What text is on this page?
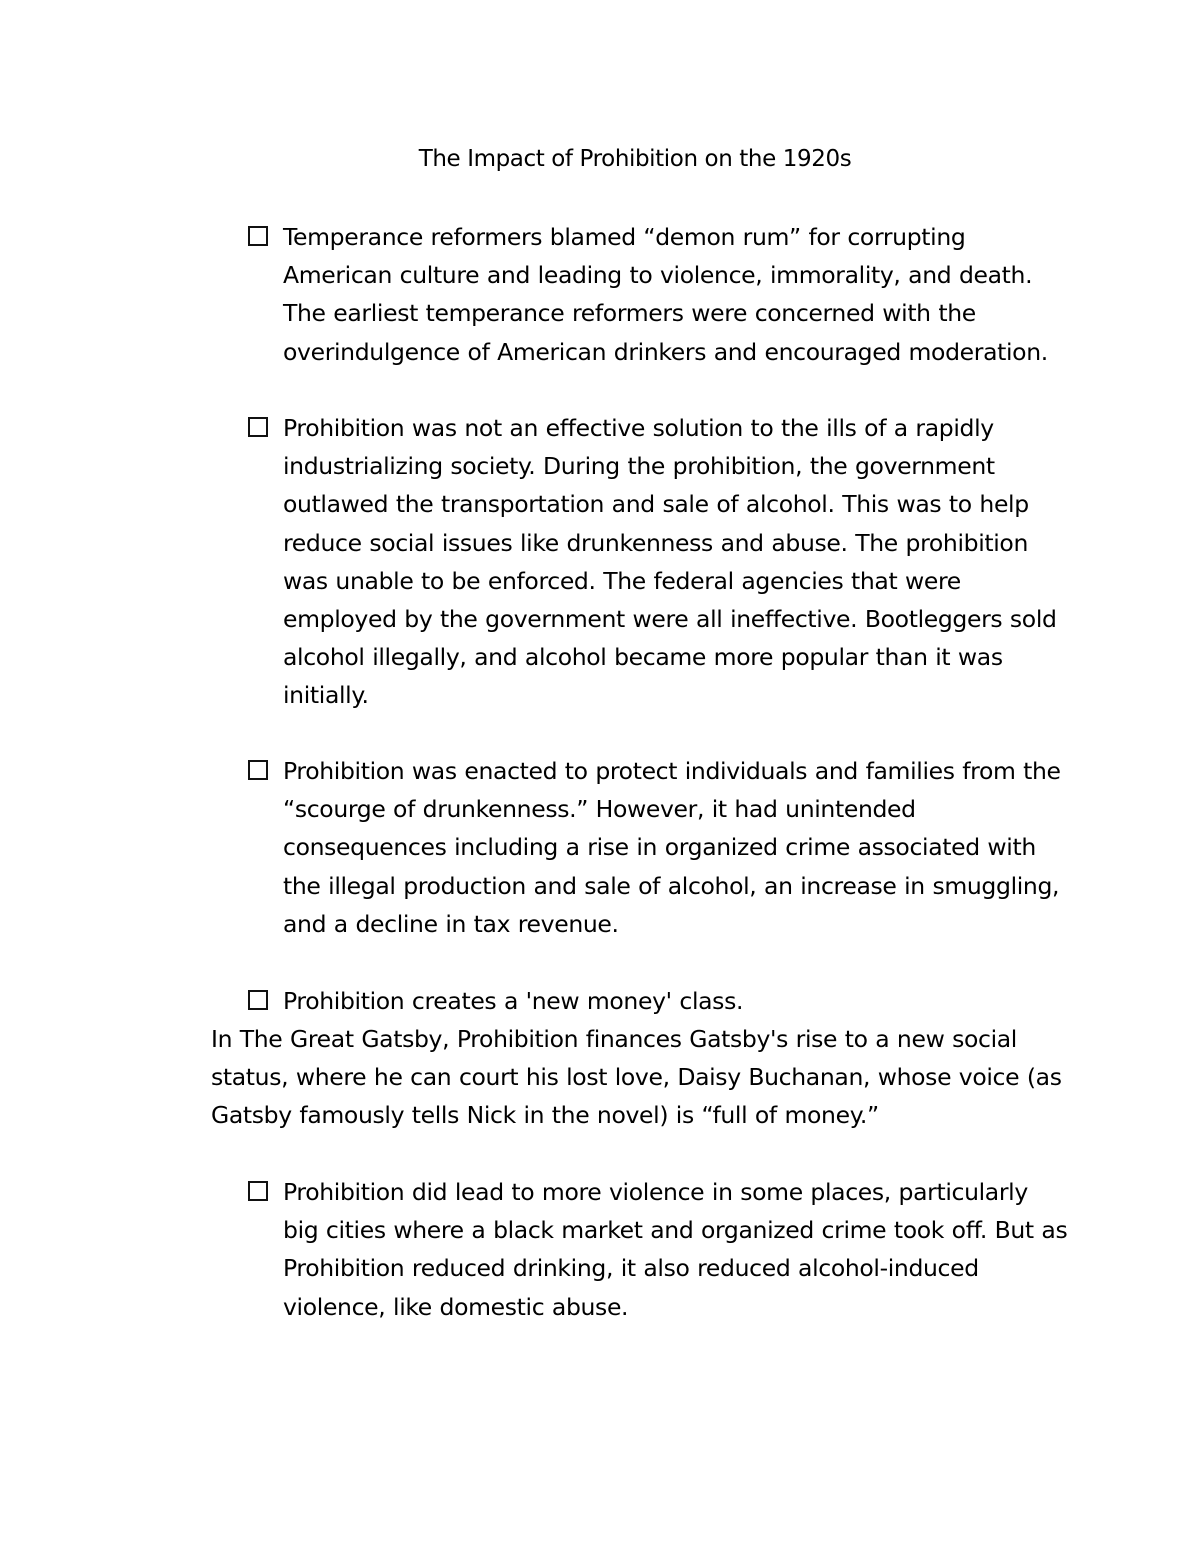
The Impact of Prohibition on the 1920s
Temperance reformers blamed “demon rum” for corrupting American culture and leading to violence, immorality, and death. The earliest temperance reformers were concerned with the overindulgence of American drinkers and encouraged moderation.
Prohibition was not an effective solution to the ills of a rapidly industrializing society. During the prohibition, the government outlawed the transportation and sale of alcohol. This was to help reduce social issues like drunkenness and abuse. The prohibition was unable to be enforced. The federal agencies that were employed by the government were all ineffective. Bootleggers sold alcohol illegally, and alcohol became more popular than it was initially.
Prohibition was enacted to protect individuals and families from the “scourge of drunkenness.” However, it had unintended consequences including a rise in organized crime associated with the illegal production and sale of alcohol, an increase in smuggling, and a decline in tax revenue.
Prohibition creates a 'new money' class.
In The Great Gatsby, Prohibition finances Gatsby's rise to a new social status, where he can court his lost love, Daisy Buchanan, whose voice (as Gatsby famously tells Nick in the novel) is “full of money.”
Prohibition did lead to more violence in some places, particularly big cities where a black market and organized crime took off. But as Prohibition reduced drinking, it also reduced alcohol-induced violence, like domestic abuse.
